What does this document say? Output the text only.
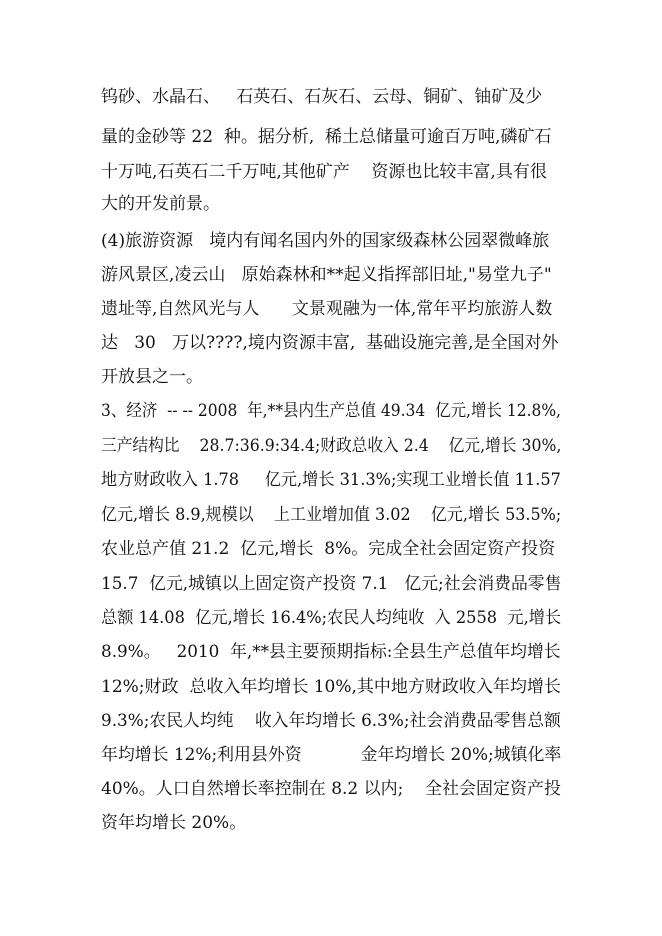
钨砂、水晶石、   石英石、石灰石、云母、铜矿、铀矿及少
量的金砂等 22  种。据分析,  稀土总储量可逾百万吨,磷矿石
十万吨,石英石二千万吨,其他矿产    资源也比较丰富,具有很
大的开发前景。
(4)旅游资源   境内有闻名国内外的国家级森林公园翠微峰旅
游风景区,凌云山   原始森林和**起义指挥部旧址,"易堂九子"
遗址等,自然风光与人      文景观融为一体,常年平均旅游人数
达   30   万以????,境内资源丰富,  基础设施完善,是全国对外
开放县之一。
3、经济  -- -- 2008  年,**县内生产总值 49.34  亿元,增长 12.8%,
三产结构比    28.7:36.9:34.4;财政总收入 2.4    亿元,增长 30%,
地方财政收入 1.78     亿元,增长 31.3%;实现工业增长值 11.57
亿元,增长 8.9,规模以    上工业增加值 3.02    亿元,增长 53.5%;
农业总产值 21.2  亿元,增长  8%。完成全社会固定资产投资
15.7  亿元,城镇以上固定资产投资 7.1   亿元;社会消费品零售
总额 14.08  亿元,增长 16.4%;农民人均纯收  入 2558  元,增长
8.9%。   2010  年,**县主要预期指标:全县生产总值年均增长
12%;财政  总收入年均增长 10%,其中地方财政收入年均增长
9.3%;农民人均纯    收入年均增长 6.3%;社会消费品零售总额
年均增长 12%;利用县外资           金年均增长 20%;城镇化率
40%。人口自然增长率控制在 8.2 以内;    全社会固定资产投
资年均增长 20%。
